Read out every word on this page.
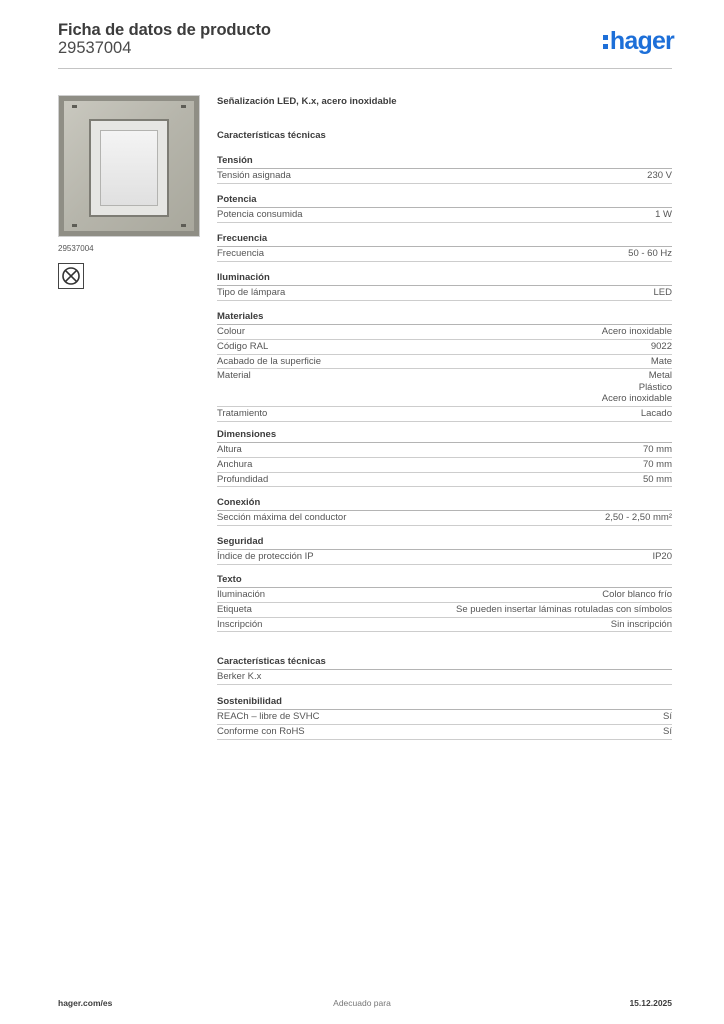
Ficha de datos de producto
29537004	hager
29537004
Señalización LED, K.x, acero inoxidable
Características técnicas
Tensión
Tensión asignada	230 V
Potencia
Potencia consumida	1 W
Frecuencia
Frecuencia	50 - 60 Hz
Iluminación
Tipo de lámpara	LED
Materiales
Colour	Acero inoxidable
Código RAL	9022
Acabado de la superficie	Mate
Material	Metal
Plástico
Acero inoxidable
Tratamiento	Lacado
Dimensiones
Altura	70 mm
Anchura	70 mm
Profundidad	50 mm
Conexión
Sección máxima del conductor	2,50 - 2,50 mm²
Seguridad
Índice de protección IP	IP20
Texto
Iluminación	Color blanco frío
Etiqueta	Se pueden insertar láminas rotuladas con símbolos
Inscripción	Sin inscripción
Características técnicas
Berker K.x
Sostenibilidad
REACh – libre de SVHC	Sí
Conforme con RoHS	Sí
hager.com/es	Adecuado para	15.12.2025
